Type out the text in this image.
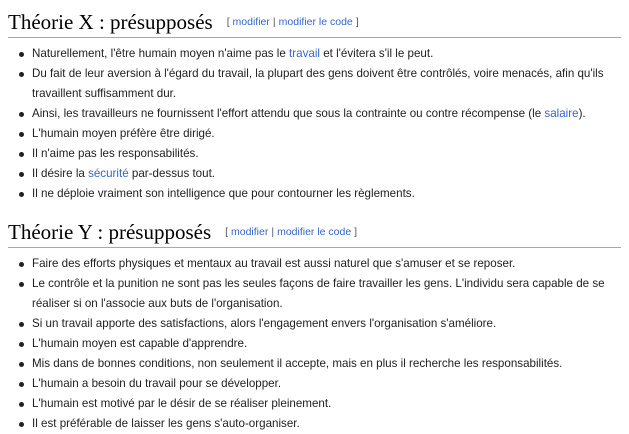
Théorie X : présupposés [ modifier | modifier le code ]
Naturellement, l'être humain moyen n'aime pas le travail et l'évitera s'il le peut.
Du fait de leur aversion à l'égard du travail, la plupart des gens doivent être contrôlés, voire menacés, afin qu'ils travaillent suffisamment dur.
Ainsi, les travailleurs ne fournissent l'effort attendu que sous la contrainte ou contre récompense (le salaire).
L'humain moyen préfère être dirigé.
Il n'aime pas les responsabilités.
Il désire la sécurité par-dessus tout.
Il ne déploie vraiment son intelligence que pour contourner les règlements.
Théorie Y : présupposés [ modifier | modifier le code ]
Faire des efforts physiques et mentaux au travail est aussi naturel que s'amuser et se reposer.
Le contrôle et la punition ne sont pas les seules façons de faire travailler les gens. L'individu sera capable de se réaliser si on l'associe aux buts de l'organisation.
Si un travail apporte des satisfactions, alors l'engagement envers l'organisation s'améliore.
L'humain moyen est capable d'apprendre.
Mis dans de bonnes conditions, non seulement il accepte, mais en plus il recherche les responsabilités.
L'humain a besoin du travail pour se développer.
L'humain est motivé par le désir de se réaliser pleinement.
Il est préférable de laisser les gens s'auto-organiser.
